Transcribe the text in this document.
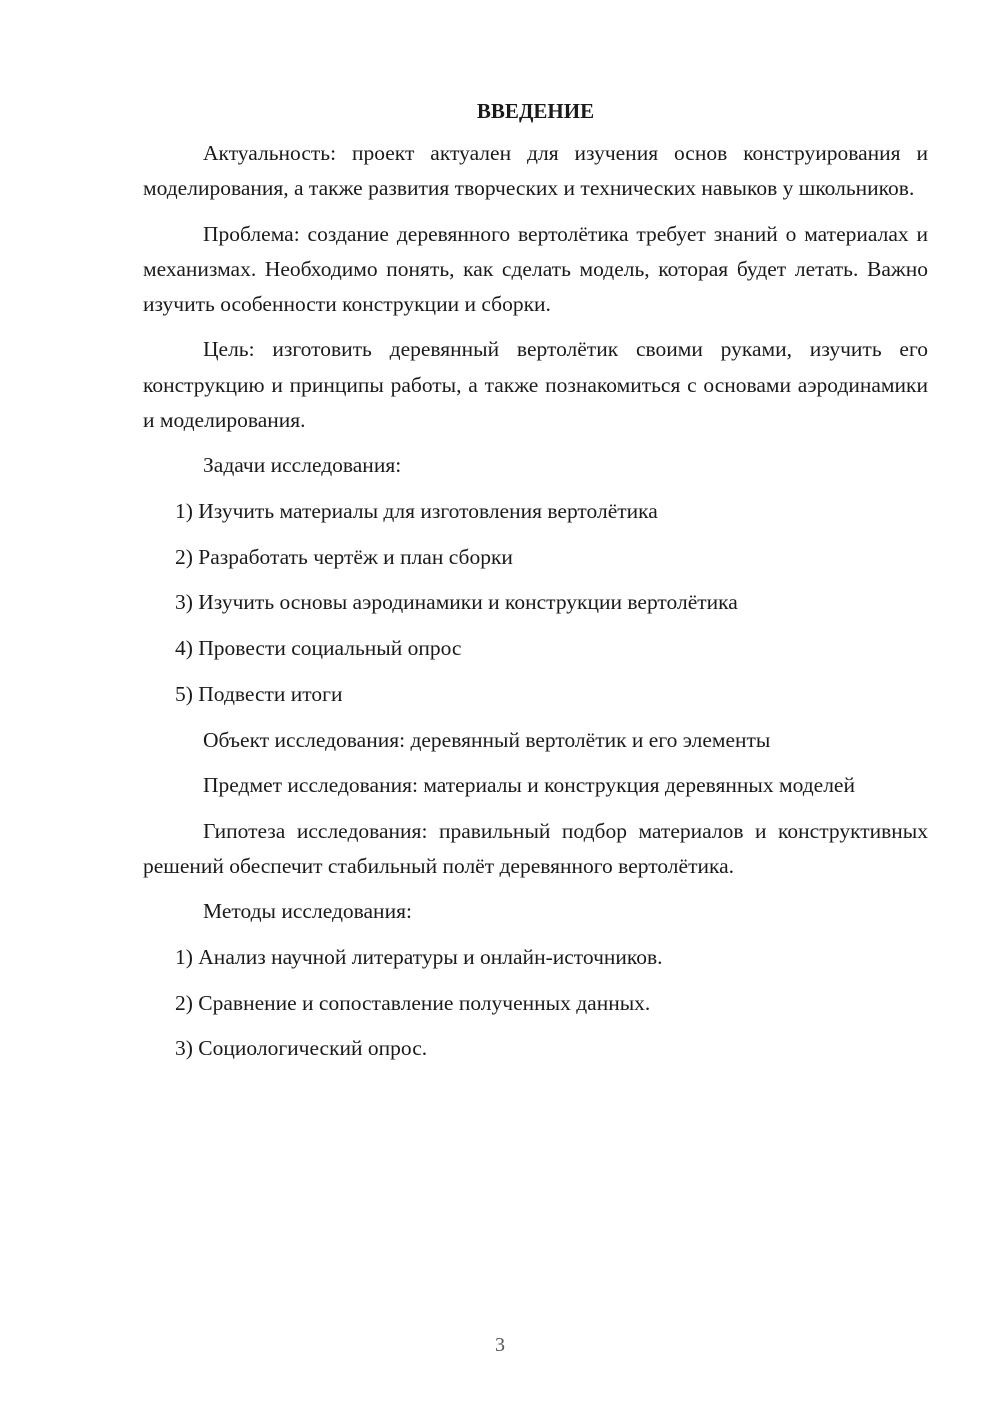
ВВЕДЕНИЕ

Актуальность: проект актуален для изучения основ конструирования и моделирования, а также развития творческих и технических навыков у школьников.

Проблема: создание деревянного вертолётика требует знаний о материалах и механизмах. Необходимо понять, как сделать модель, которая будет летать. Важно изучить особенности конструкции и сборки.

Цель: изготовить деревянный вертолётик своими руками, изучить его конструкцию и принципы работы, а также познакомиться с основами аэродинамики и моделирования.

Задачи исследования:

1) Изучить материалы для изготовления вертолётика

2) Разработать чертёж и план сборки

3) Изучить основы аэродинамики и конструкции вертолётика

4) Провести социальный опрос

5) Подвести итоги

Объект исследования: деревянный вертолётик и его элементы

Предмет исследования: материалы и конструкция деревянных моделей

Гипотеза исследования: правильный подбор материалов и конструктивных решений обеспечит стабильный полёт деревянного вертолётика.

Методы исследования:

1) Анализ научной литературы и онлайн-источников.

2) Сравнение и сопоставление полученных данных.

3) Социологический опрос.

3
